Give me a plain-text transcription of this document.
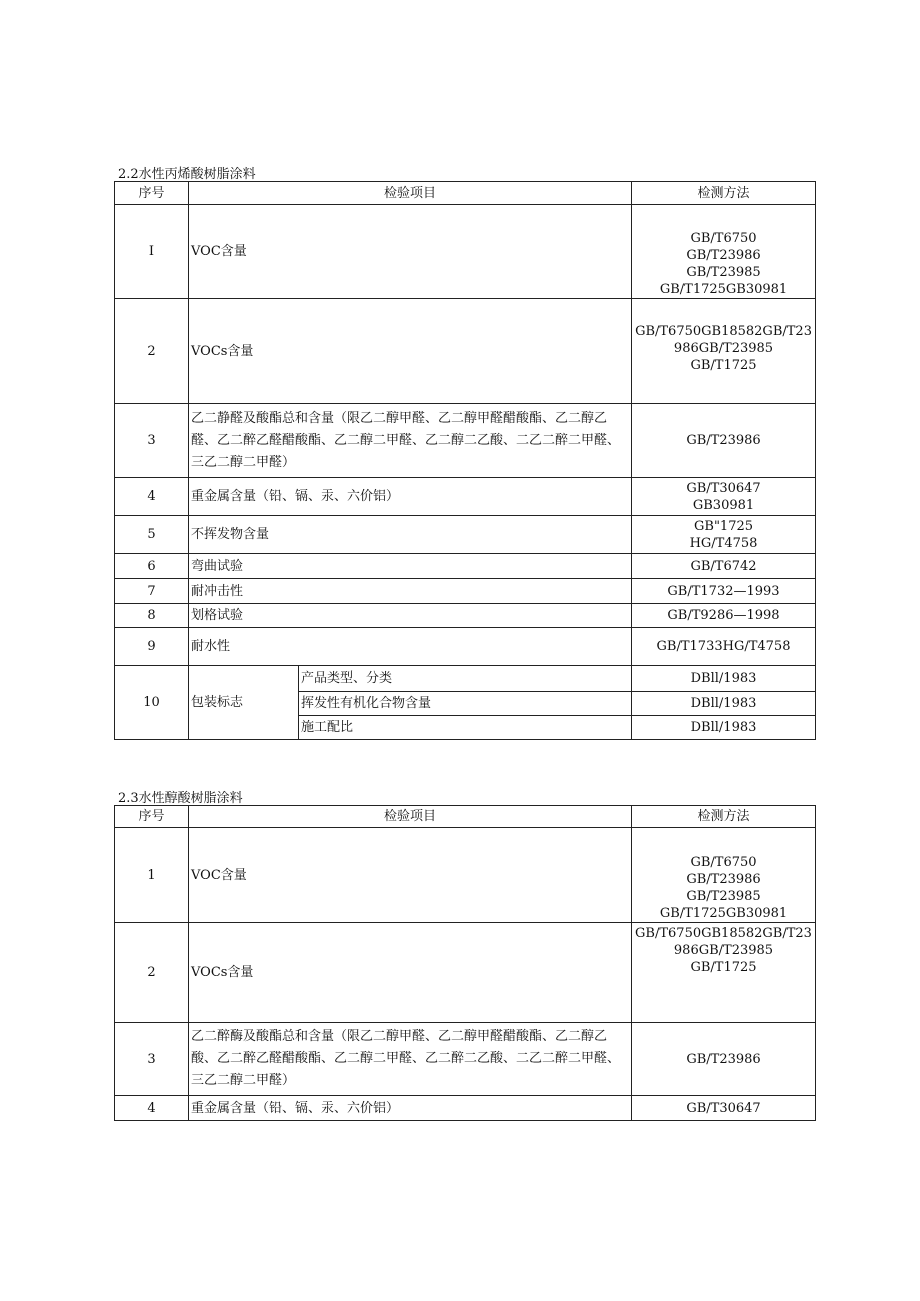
2.2水性丙烯酸树脂涂料
序号	检验项目		检测方法
I	VOC含量		GB/T6750
GB/T23986
GB/T23985
GB/T1725GB30981

2	VOCs含量		GB/T6750GB18582GB/T23
986GB/T23985
GB/T1725

3	乙二静醛及酸酯总和含量（限乙二醇甲醛、乙二醇甲醛醋酸酯、乙二醇乙醛、乙二醉乙醛醋酸酯、乙二醇二甲醛、乙二醇二乙酸、二乙二醉二甲醛、三乙二醇二甲醛）		GB/T23986

4	重金属含量（铅、镉、汞、六价铝）		GB/T30647
GB30981

5	不挥发物含量		GB"1725
HG/T4758

6	弯曲试验		GB/T6742

7	耐冲击性		GB/T1732—1993

8	划格试验		GB/T9286—1998

9	耐水性		GB/T1733HG/T4758

10	包装标志	产品类型、分类	DBll/1983
		挥发性有机化合物含量	DBll/1983
		施工配比	DBll/1983
2.3水性醇酸树脂涂料
序号	检验项目	检测方法
1	VOC含量	GB/T6750
GB/T23986
GB/T23985
GB/T1725GB30981

2	VOCs含量	GB/T6750GB18582GB/T23
986GB/T23985
GB/T1725

3	乙二醉酶及酸酯总和含量（限乙二醇甲醛、乙二醇甲醛醋酸酯、乙二醇乙酸、乙二醉乙醛醋酸酯、乙二醇二甲醛、乙二醉二乙酸、二乙二醉二甲醛、三乙二醇二甲醛）	GB/T23986

4	重金属含量（铅、镉、汞、六价铝）	GB/T30647
